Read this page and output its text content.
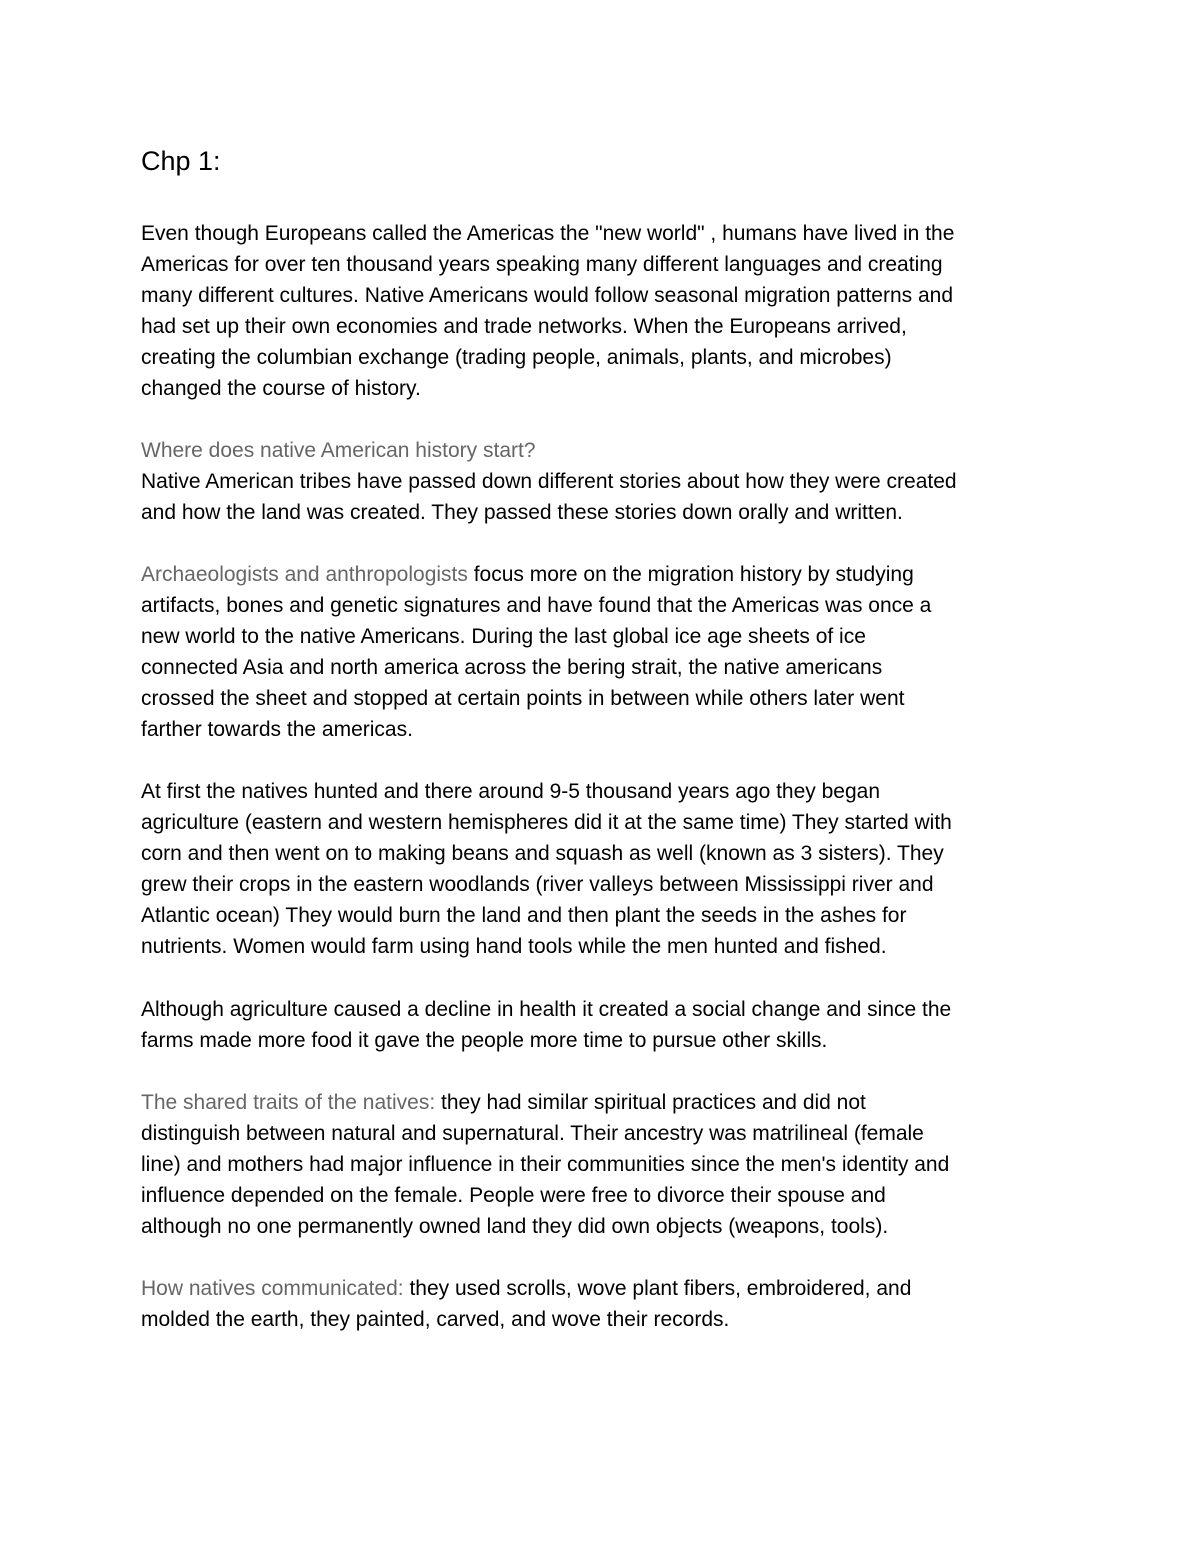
Chp 1:
Even though Europeans called the Americas the "new world" , humans have lived in the
Americas for over ten thousand years speaking many different languages and creating
many different cultures. Native Americans would follow seasonal migration patterns and
had set up their own economies and trade networks. When the Europeans arrived,
creating the columbian exchange (trading people, animals, plants, and microbes)
changed the course of history.
Where does native American history start?
Native American tribes have passed down different stories about how they were created
and how the land was created. They passed these stories down orally and written.
Archaeologists and anthropologists focus more on the migration history by studying
artifacts, bones and genetic signatures and have found that the Americas was once a
new world to the native Americans. During the last global ice age sheets of ice
connected Asia and north america across the bering strait, the native americans
crossed the sheet and stopped at certain points in between while others later went
farther towards the americas.
At first the natives hunted and there around 9-5 thousand years ago they began
agriculture (eastern and western hemispheres did it at the same time) They started with
corn and then went on to making beans and squash as well (known as 3 sisters). They
grew their crops in the eastern woodlands (river valleys between Mississippi river and
Atlantic ocean) They would burn the land and then plant the seeds in the ashes for
nutrients. Women would farm using hand tools while the men hunted and fished.
Although agriculture caused a decline in health it created a social change and since the
farms made more food it gave the people more time to pursue other skills.
The shared traits of the natives: they had similar spiritual practices and did not
distinguish between natural and supernatural. Their ancestry was matrilineal (female
line) and mothers had major influence in their communities since the men's identity and
influence depended on the female. People were free to divorce their spouse and
although no one permanently owned land they did own objects (weapons, tools).
How natives communicated: they used scrolls, wove plant fibers, embroidered, and
molded the earth, they painted, carved, and wove their records.
